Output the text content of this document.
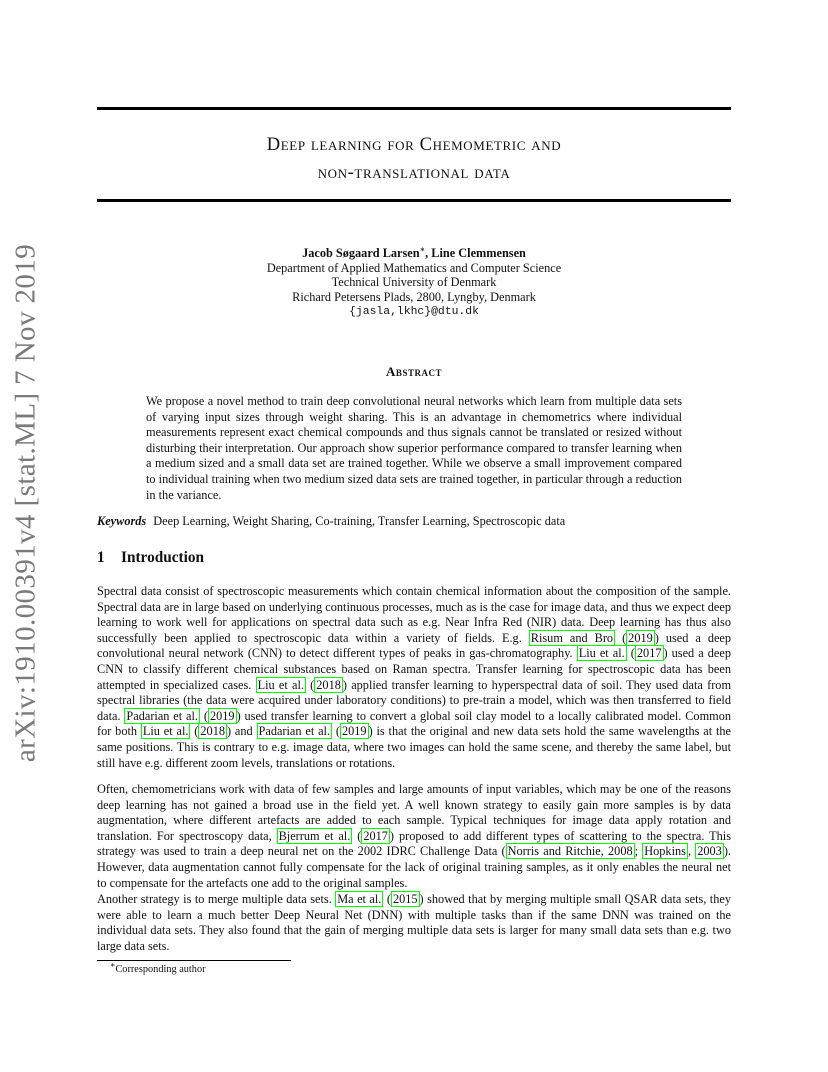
arXiv:1910.00391v4 [stat.ML] 7 Nov 2019
Deep learning for Chemometric and
non-translational data
Jacob Søgaard Larsen∗, Line Clemmensen
Department of Applied Mathematics and Computer Science
Technical University of Denmark
Richard Petersens Plads, 2800, Lyngby, Denmark
{jasla,lkhc}@dtu.dk
Abstract
We propose a novel method to train deep convolutional neural networks which learn from multiple data sets of varying input sizes through weight sharing. This is an advantage in chemometrics where individual measurements represent exact chemical compounds and thus signals cannot be translated or resized without disturbing their interpretation. Our approach show superior performance compared to transfer learning when a medium sized and a small data set are trained together. While we observe a small improvement compared to individual training when two medium sized data sets are trained together, in particular through a reduction in the variance.
Keywords Deep Learning, Weight Sharing, Co-training, Transfer Learning, Spectroscopic data
1 Introduction
Spectral data consist of spectroscopic measurements which contain chemical information about the composition of the sample. Spectral data are in large based on underlying continuous processes, much as is the case for image data, and thus we expect deep learning to work well for applications on spectral data such as e.g. Near Infra Red (NIR) data. Deep learning has thus also successfully been applied to spectroscopic data within a variety of fields. E.g. Risum and Bro ( 2019 ) used a deep convolutional neural network (CNN) to detect different types of peaks in gas-chromatography. Liu et al. ( 2017 ) used a deep CNN to classify different chemical substances based on Raman spectra. Transfer learning for spectroscopic data has been attempted in specialized cases. Liu et al. ( 2018 ) applied transfer learning to hyperspectral data of soil. They used data from spectral libraries (the data were acquired under laboratory conditions) to pre-train a model, which was then transferred to field data. Padarian et al. ( 2019 ) used transfer learning to convert a global soil clay model to a locally calibrated model. Common for both Liu et al. ( 2018 ) and Padarian et al. ( 2019 ) is that the original and new data sets hold the same wavelengths at the same positions. This is contrary to e.g. image data, where two images can hold the same scene, and thereby the same label, but still have e.g. different zoom levels, translations or rotations.
Often, chemometricians work with data of few samples and large amounts of input variables, which may be one of the reasons deep learning has not gained a broad use in the field yet. A well known strategy to easily gain more samples is by data augmentation, where different artefacts are added to each sample. Typical techniques for image data apply rotation and translation. For spectroscopy data, Bjerrum et al. ( 2017 ) proposed to add different types of scattering to the spectra. This strategy was used to train a deep neural net on the 2002 IDRC Challenge Data ( Norris and Ritchie, 2008 ; Hopkins , 2003 ). However, data augmentation cannot fully compensate for the lack of original training samples, as it only enables the neural net to compensate for the artefacts one add to the original samples.
Another strategy is to merge multiple data sets. Ma et al. ( 2015 ) showed that by merging multiple small QSAR data sets, they were able to learn a much better Deep Neural Net (DNN) with multiple tasks than if the same DNN was trained on the individual data sets. They also found that the gain of merging multiple data sets is larger for many small data sets than e.g. two large data sets.
∗Corresponding author
